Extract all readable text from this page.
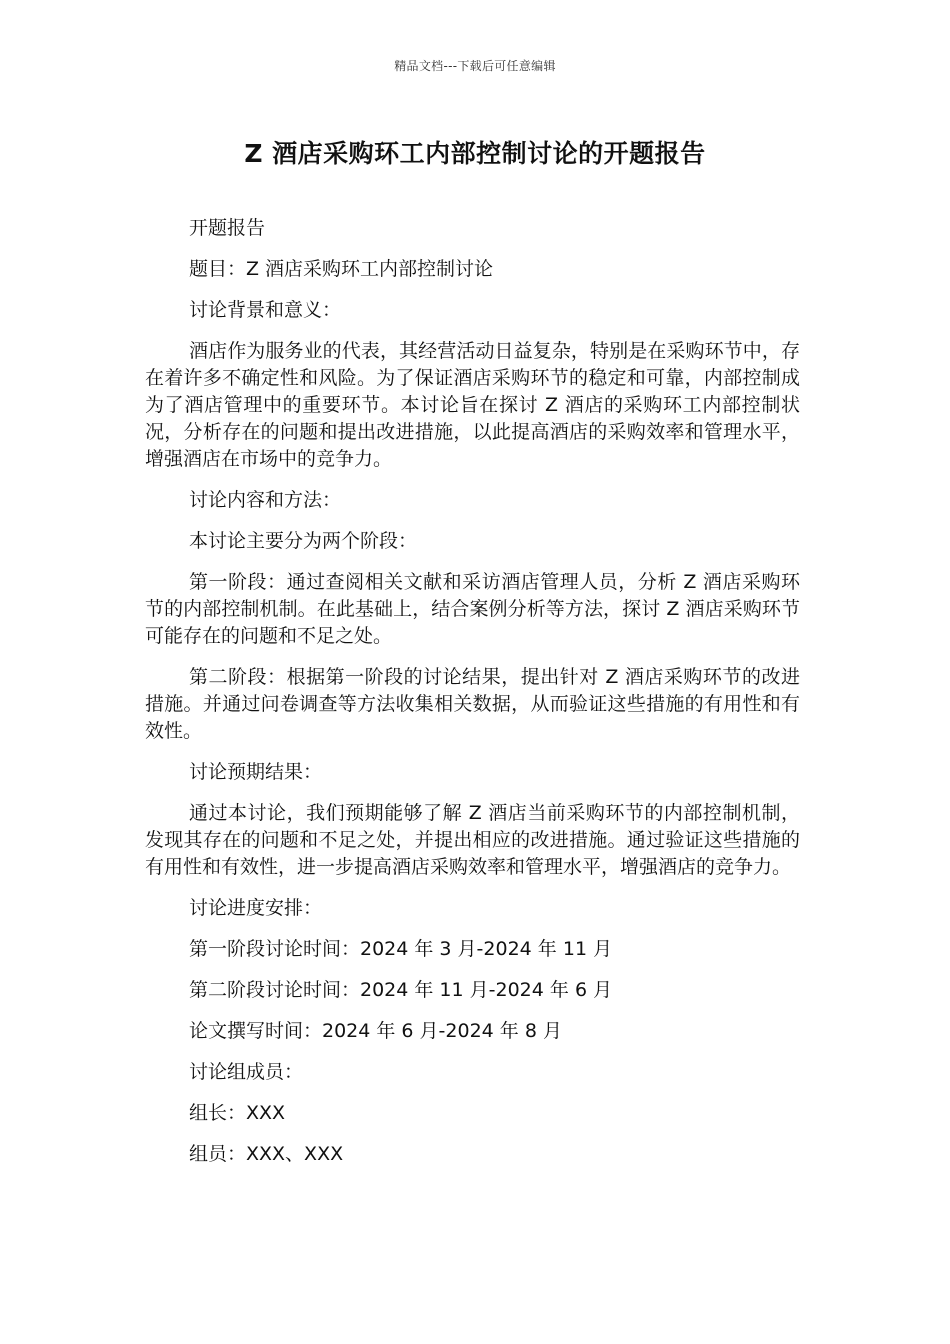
精品文档---下载后可任意编辑
Z 酒店采购环工内部控制讨论的开题报告

开题报告

题目：Z 酒店采购环工内部控制讨论

讨论背景和意义：

酒店作为服务业的代表，其经营活动日益复杂，特别是在采购环节中，存在着许多不确定性和风险。为了保证酒店采购环节的稳定和可靠，内部控制成为了酒店管理中的重要环节。本讨论旨在探讨 Z 酒店的采购环工内部控制状况，分析存在的问题和提出改进措施，以此提高酒店的采购效率和管理水平，增强酒店在市场中的竞争力。

讨论内容和方法：

本讨论主要分为两个阶段：

第一阶段：通过查阅相关文献和采访酒店管理人员，分析 Z 酒店采购环节的内部控制机制。在此基础上，结合案例分析等方法，探讨 Z 酒店采购环节可能存在的问题和不足之处。

第二阶段：根据第一阶段的讨论结果，提出针对 Z 酒店采购环节的改进措施。并通过问卷调查等方法收集相关数据，从而验证这些措施的有用性和有效性。

讨论预期结果：

通过本讨论，我们预期能够了解 Z 酒店当前采购环节的内部控制机制，发现其存在的问题和不足之处，并提出相应的改进措施。通过验证这些措施的有用性和有效性，进一步提高酒店采购效率和管理水平，增强酒店的竞争力。

讨论进度安排：

第一阶段讨论时间：2024 年 3 月-2024 年 11 月

第二阶段讨论时间：2024 年 11 月-2024 年 6 月

论文撰写时间：2024 年 6 月-2024 年 8 月

讨论组成员：

组长：XXX

组员：XXX、XXX
